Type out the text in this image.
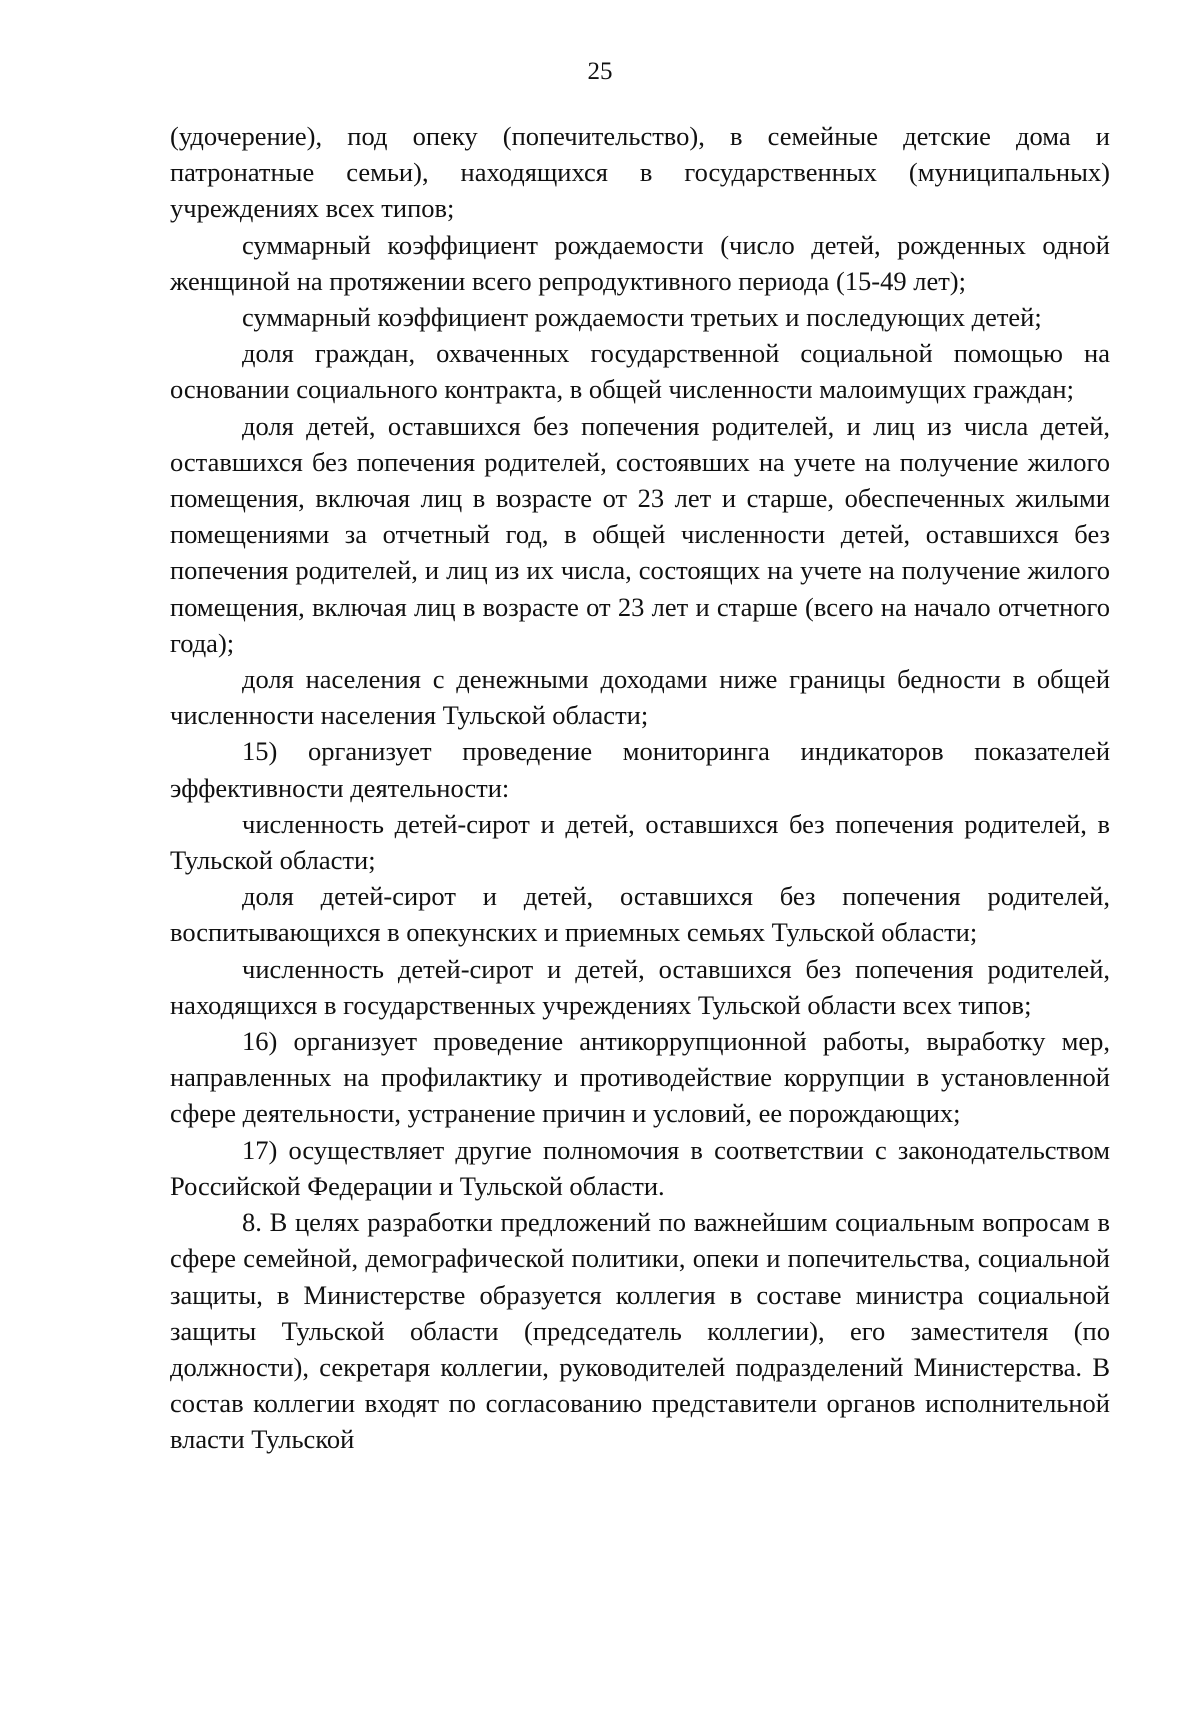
25

(удочерение), под опеку (попечительство), в семейные детские дома и патронатные семьи), находящихся в государственных (муниципальных) учреждениях всех типов;

суммарный коэффициент рождаемости (число детей, рожденных одной женщиной на протяжении всего репродуктивного периода (15-49 лет);

суммарный коэффициент рождаемости третьих и последующих детей;

доля граждан, охваченных государственной социальной помощью на основании социального контракта, в общей численности малоимущих граждан;

доля детей, оставшихся без попечения родителей, и лиц из числа детей, оставшихся без попечения родителей, состоявших на учете на получение жилого помещения, включая лиц в возрасте от 23 лет и старше, обеспеченных жилыми помещениями за отчетный год, в общей численности детей, оставшихся без попечения родителей, и лиц из их числа, состоящих на учете на получение жилого помещения, включая лиц в возрасте от 23 лет и старше (всего на начало отчетного года);

доля населения с денежными доходами ниже границы бедности в общей численности населения Тульской области;

15) организует проведение мониторинга индикаторов показателей эффективности деятельности:

численность детей-сирот и детей, оставшихся без попечения родителей, в Тульской области;

доля детей-сирот и детей, оставшихся без попечения родителей, воспитывающихся в опекунских и приемных семьях Тульской области;

численность детей-сирот и детей, оставшихся без попечения родителей, находящихся в государственных учреждениях Тульской области всех типов;

16) организует проведение антикоррупционной работы, выработку мер, направленных на профилактику и противодействие коррупции в установленной сфере деятельности, устранение причин и условий, ее порождающих;

17) осуществляет другие полномочия в соответствии с законодательством Российской Федерации и Тульской области.

8. В целях разработки предложений по важнейшим социальным вопросам в сфере семейной, демографической политики, опеки и попечительства, социальной защиты, в Министерстве образуется коллегия в составе министра социальной защиты Тульской области (председатель коллегии), его заместителя (по должности), секретаря коллегии, руководителей подразделений Министерства. В состав коллегии входят по согласованию представители органов исполнительной власти Тульской
